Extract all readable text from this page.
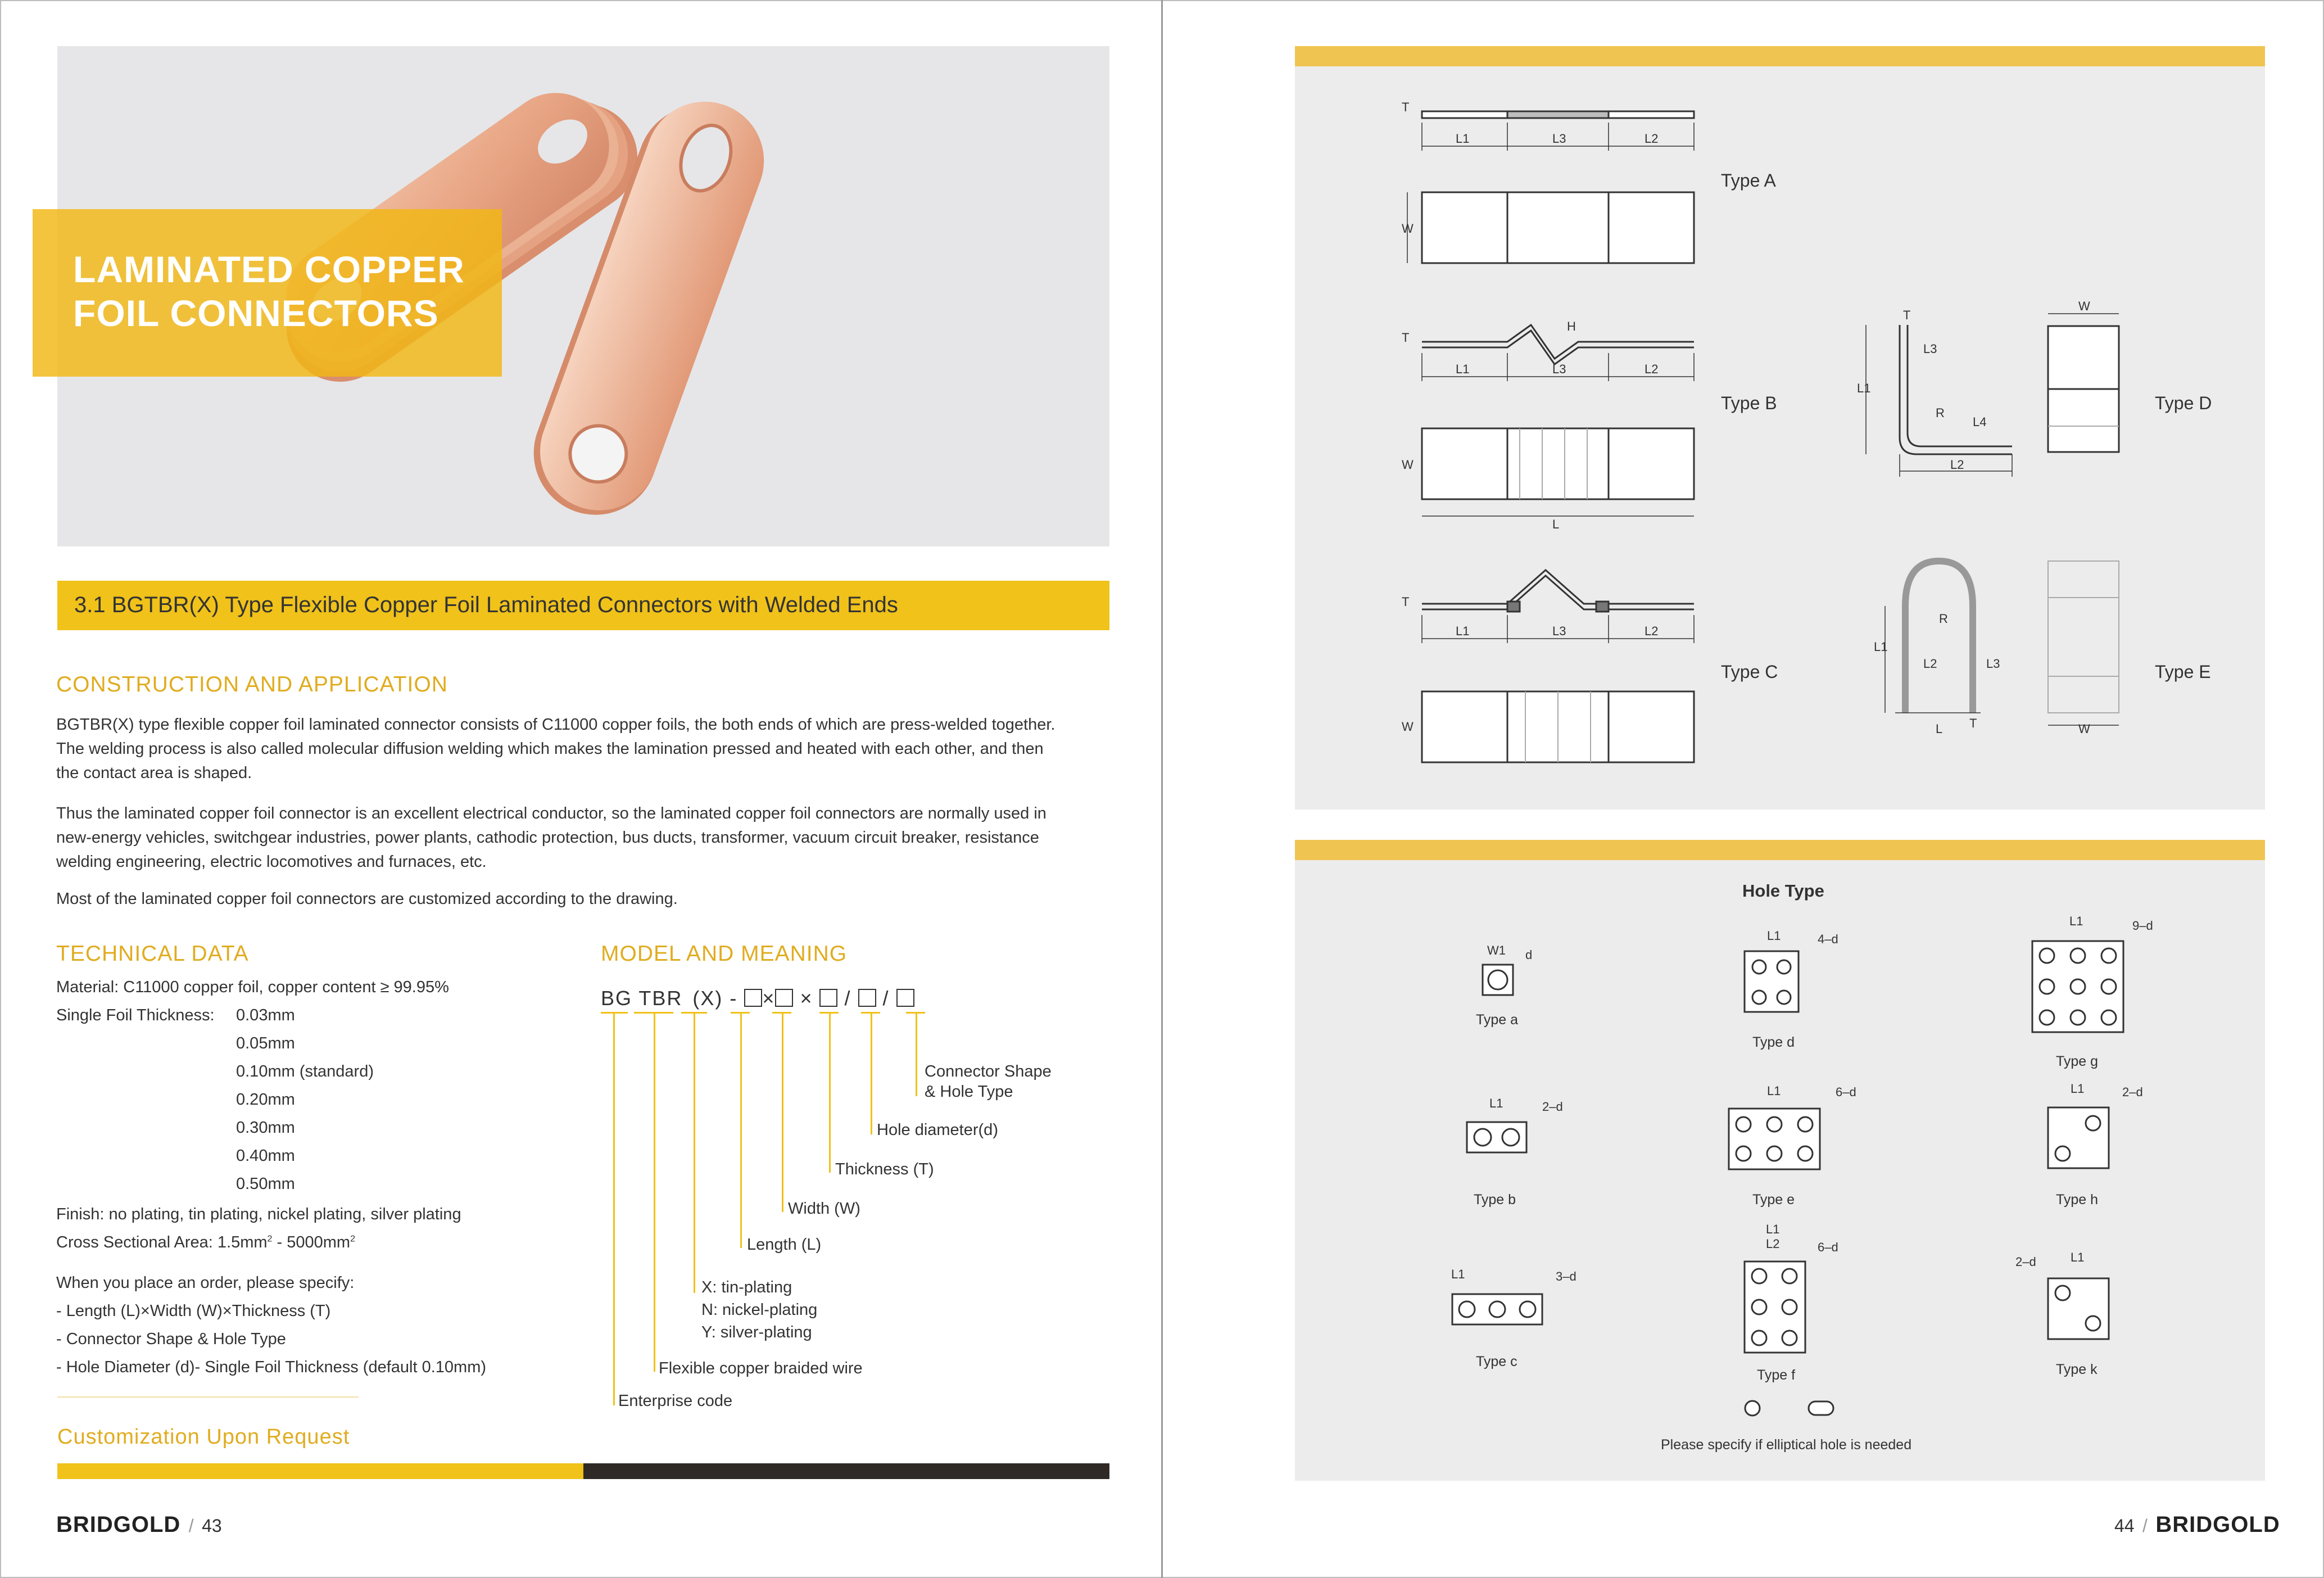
LAMINATED COPPER
FOIL CONNECTORS
3.1 BGTBR(X) Type Flexible Copper Foil Laminated Connectors with Welded Ends
CONSTRUCTION AND APPLICATION
BGTBR(X) type flexible copper foil laminated connector consists of C11000 copper foils, the both ends of which are press-welded together. The welding process is also called molecular diffusion welding which makes the lamination pressed and heated with each other, and then the contact area is shaped.
Thus the laminated copper foil connector is an excellent electrical conductor, so the laminated copper foil connectors are normally used in new-energy vehicles, switchgear industries, power plants, cathodic protection, bus ducts, transformer, vacuum circuit breaker, resistance welding engineering, electric locomotives and furnaces, etc.
Most of the laminated copper foil connectors are customized according to the drawing.
TECHNICAL DATA
Material: C11000 copper foil, copper content ≥ 99.95%
Single Foil Thickness: 0.03mm
0.05mm
0.10mm (standard)
0.20mm
0.30mm
0.40mm
0.50mm
Finish: no plating, tin plating, nickel plating, silver plating
Cross Sectional Area: $1.5mm^2 - 5000mm^2$
When you place an order, please specify:
- Length (L)×Width (W)×Thickness (T)
- Connector Shape & Hole Type
- Hole Diameter (d)- Single Foil Thickness (default 0.10mm)
MODEL AND MEANING
BG TBR (X) - × × / /
Connector Shape
& Hole Type
Hole diameter(d)
Thickness (T)
Width (W)
Length (L)
X: tin-plating
N: nickel-plating
Y: silver-plating
Flexible copper braided wire
Enterprise code
Customization Upon Request
BRIDGOLD / 43
L1	L3	L2
L1	L3	L2
L
L1	L3	L2
W
W
W
T
T
T
H
L1
L3
R
L4
L2
T
W
L1
L2	L3
R
L T	W
Type A
Type B
Type C
Type D
Type E
Hole Type
W1 d
L1	4–d
L1	9–d
L1	2–d
L1	6–d	L1	2–d
L1	3–d
L1
L2	6–d
L1
2–d
Type a
Type d
Type g
Type b	Type e	Type h
Type c
Type f	Type k
Please specify if elliptical hole is needed
44 / BRIDGOLD
